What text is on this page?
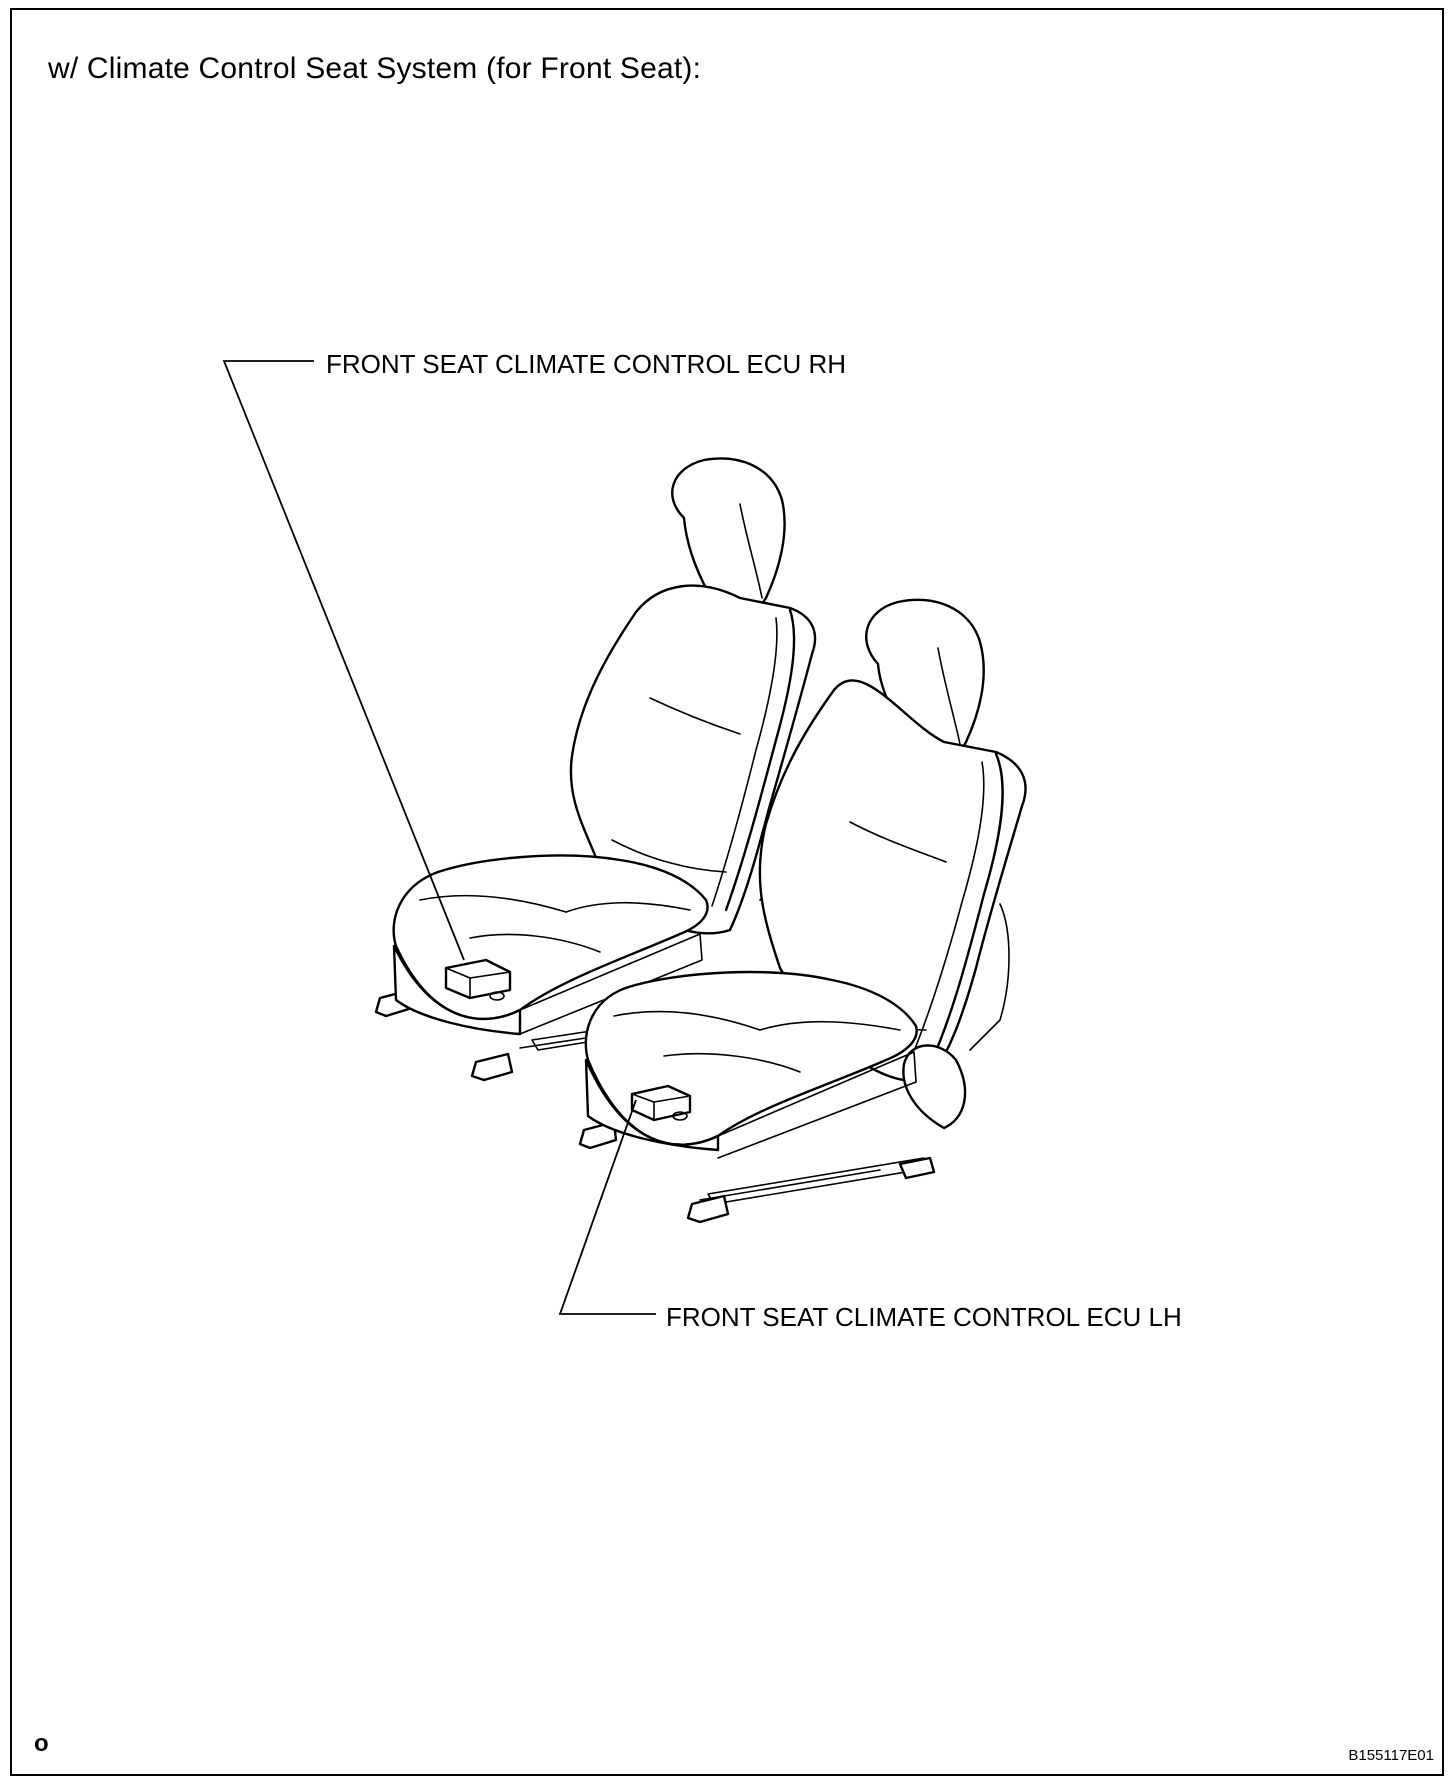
w/ Climate Control Seat System (for Front Seat):
FRONT SEAT CLIMATE CONTROL ECU RH
FRONT SEAT CLIMATE CONTROL ECU LH
o	B155117E01
